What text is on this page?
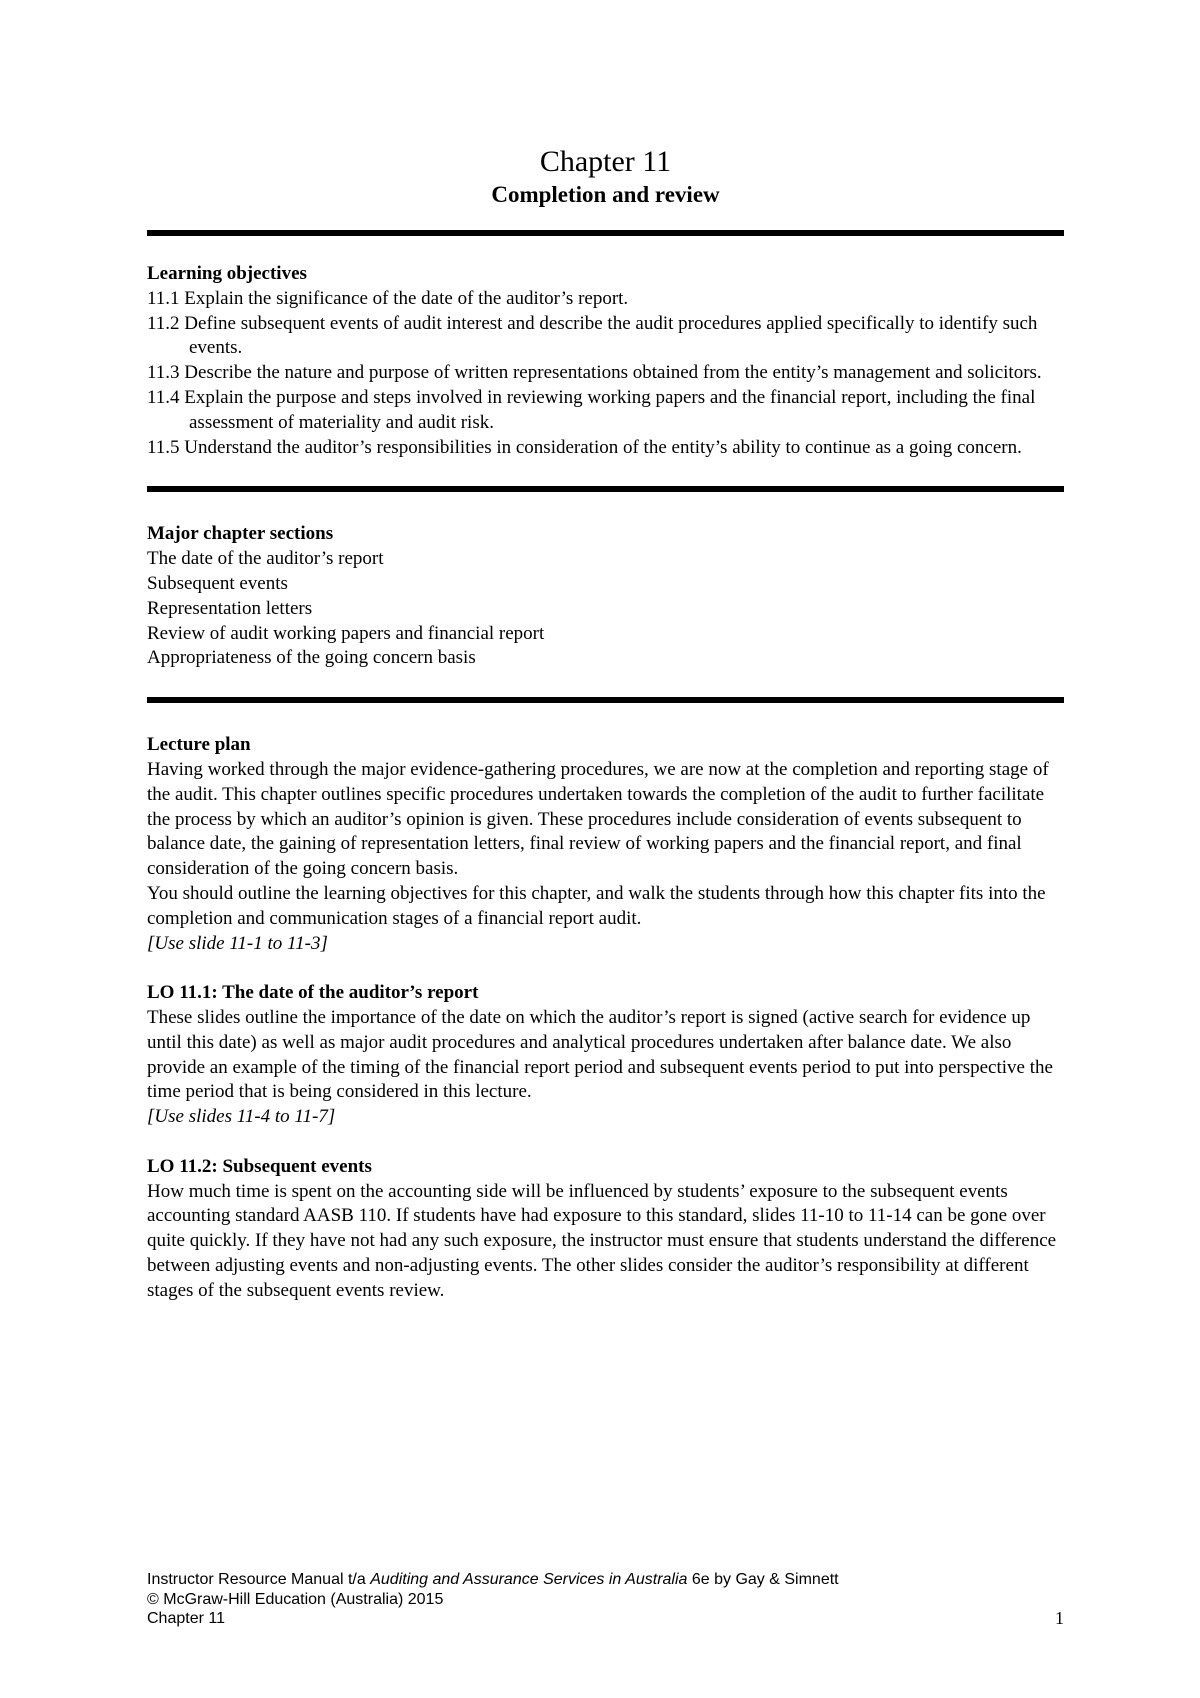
Chapter 11
Completion and review

Learning objectives

11.1 Explain the significance of the date of the auditor’s report.

11.2 Define subsequent events of audit interest and describe the audit procedures applied specifically to identify such events.

11.3 Describe the nature and purpose of written representations obtained from the entity’s management and solicitors.

11.4 Explain the purpose and steps involved in reviewing working papers and the financial report, including the final assessment of materiality and audit risk.

11.5 Understand the auditor’s responsibilities in consideration of the entity’s ability to continue as a going concern.

Major chapter sections

The date of the auditor’s report

Subsequent events

Representation letters

Review of audit working papers and financial report

Appropriateness of the going concern basis

Lecture plan

Having worked through the major evidence-gathering procedures, we are now at the completion and reporting stage of the audit. This chapter outlines specific procedures undertaken towards the completion of the audit to further facilitate the process by which an auditor’s opinion is given. These procedures include consideration of events subsequent to balance date, the gaining of representation letters, final review of working papers and the financial report, and final consideration of the going concern basis.

You should outline the learning objectives for this chapter, and walk the students through how this chapter fits into the completion and communication stages of a financial report audit.

[Use slide 11-1 to 11-3]

LO 11.1: The date of the auditor’s report

These slides outline the importance of the date on which the auditor’s report is signed (active search for evidence up until this date) as well as major audit procedures and analytical procedures undertaken after balance date. We also provide an example of the timing of the financial report period and subsequent events period to put into perspective the time period that is being considered in this lecture.

[Use slides 11-4 to 11-7]

LO 11.2: Subsequent events

How much time is spent on the accounting side will be influenced by students’ exposure to the subsequent events accounting standard AASB 110. If students have had exposure to this standard, slides 11-10 to 11-14 can be gone over quite quickly. If they have not had any such exposure, the instructor must ensure that students understand the difference between adjusting events and non-adjusting events. The other slides consider the auditor’s responsibility at different stages of the subsequent events review.

Instructor Resource Manual t/a Auditing and Assurance Services in Australia 6e by Gay & Simnett

© McGraw-Hill Education (Australia) 2015

Chapter 11	1
